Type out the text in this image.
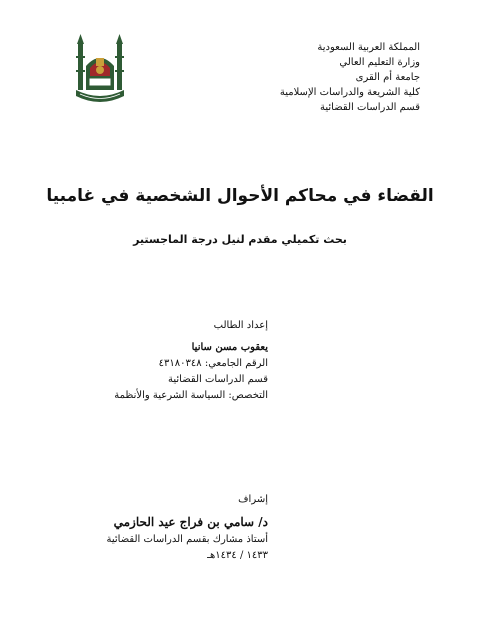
المملكة العربية السعودية

وزارة التعليم العالي

جامعة أم القرى

كلية الشريعة والدراسات الإسلامية

قسم الدراسات القضائية

القضاء في محاكم الأحوال الشخصية في غامبيا
بحث تكميلي مقدم لنيل درجة الماجستير

إعداد الطالب

يعقوب مسن سانيا

الرقم الجامعي: ٤٣١٨٠٣٤٨

قسم الدراسات القضائية

التخصص: السياسة الشرعية والأنظمة

إشراف

د/ سامي بن فراج عيد الحازمي

أستاذ مشارك بقسم الدراسات القضائية

١٤٣٣ / ١٤٣٤هـ
